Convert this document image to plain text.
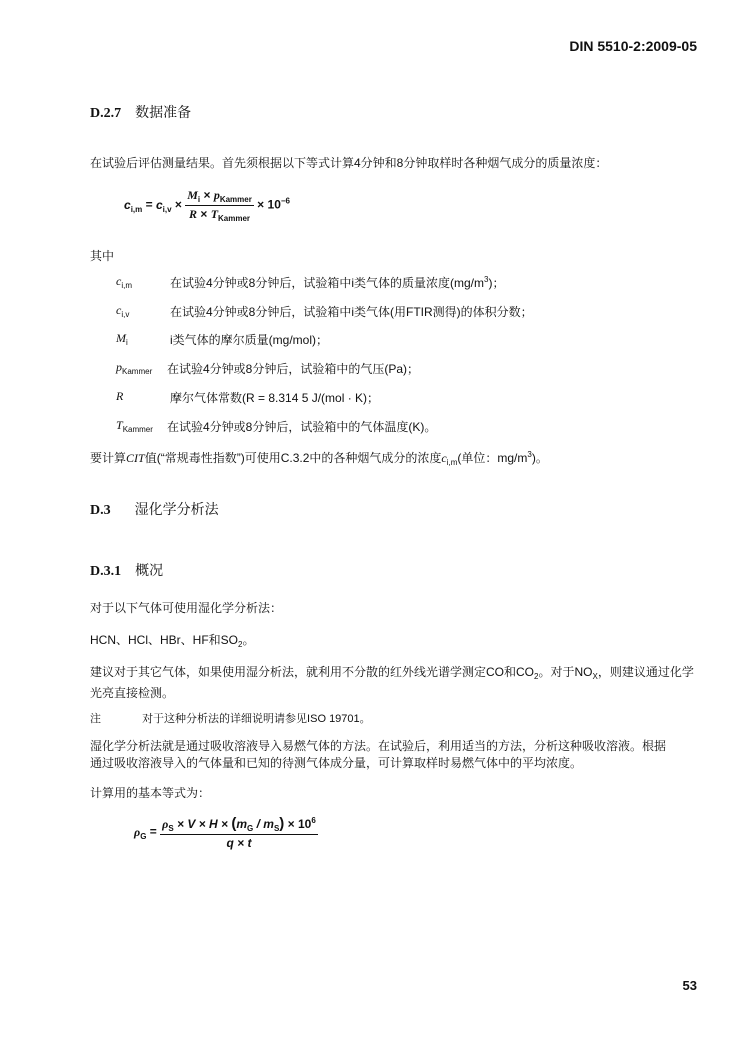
DIN 5510-2:2009-05
D.2.7 数据准备
在试验后评估测量结果。首先须根据以下等式计算4分钟和8分钟取样时各种烟气成分的质量浓度：
$c_{i,m} = c_{i,v} \times \frac{M_i \times p_{Kammer}}{R \times T_{Kammer}} \times 10^{-6}$
其中
$c_{i,m}$	在试验4分钟或8分钟后，试验箱中i类气体的质量浓度$(mg/m^3)$；
$c_{i,v}$	在试验4分钟或8分钟后，试验箱中i类气体(用FTIR测得)的体积分数；
$M_i$	i类气体的摩尔质量(mg/mol)；
$p_{Kammer}$ 在试验4分钟或8分钟后，试验箱中的气压(Pa)；
R	摩尔气体常数(R = 8.314 5 J/(mol · K)；
$T_{Kammer}$ 在试验4分钟或8分钟后，试验箱中的气体温度(K)。
要计算CIT值(“常规毒性指数”)可使用C.3.2中的各种烟气成分的浓度$c_{i,m}$(单位：$mg/m^3$)。
D.3 湿化学分析法
D.3.1 概况
对于以下气体可使用湿化学分析法：
HCN、HCl、HBr、HF和$SO_2$。
建议对于其它气体，如果使用湿分析法，就利用不分散的红外线光谱学测定CO和$CO_2$。对于$NO_X$，则建议通过化学
光亮直接检测。
注	对于这种分析法的详细说明请参见ISO 19701。
湿化学分析法就是通过吸收溶液导入易燃气体的方法。在试验后，利用适当的方法，分析这种吸收溶液。根据
通过吸收溶液导入的气体量和已知的待测气体成分量，可计算取样时易燃气体中的平均浓度。
计算用的基本等式为：
$\rho_G = \frac{\rho_S \times V \times H \times (m_G / m_S) \times 10^6}{q \times t}$
53
